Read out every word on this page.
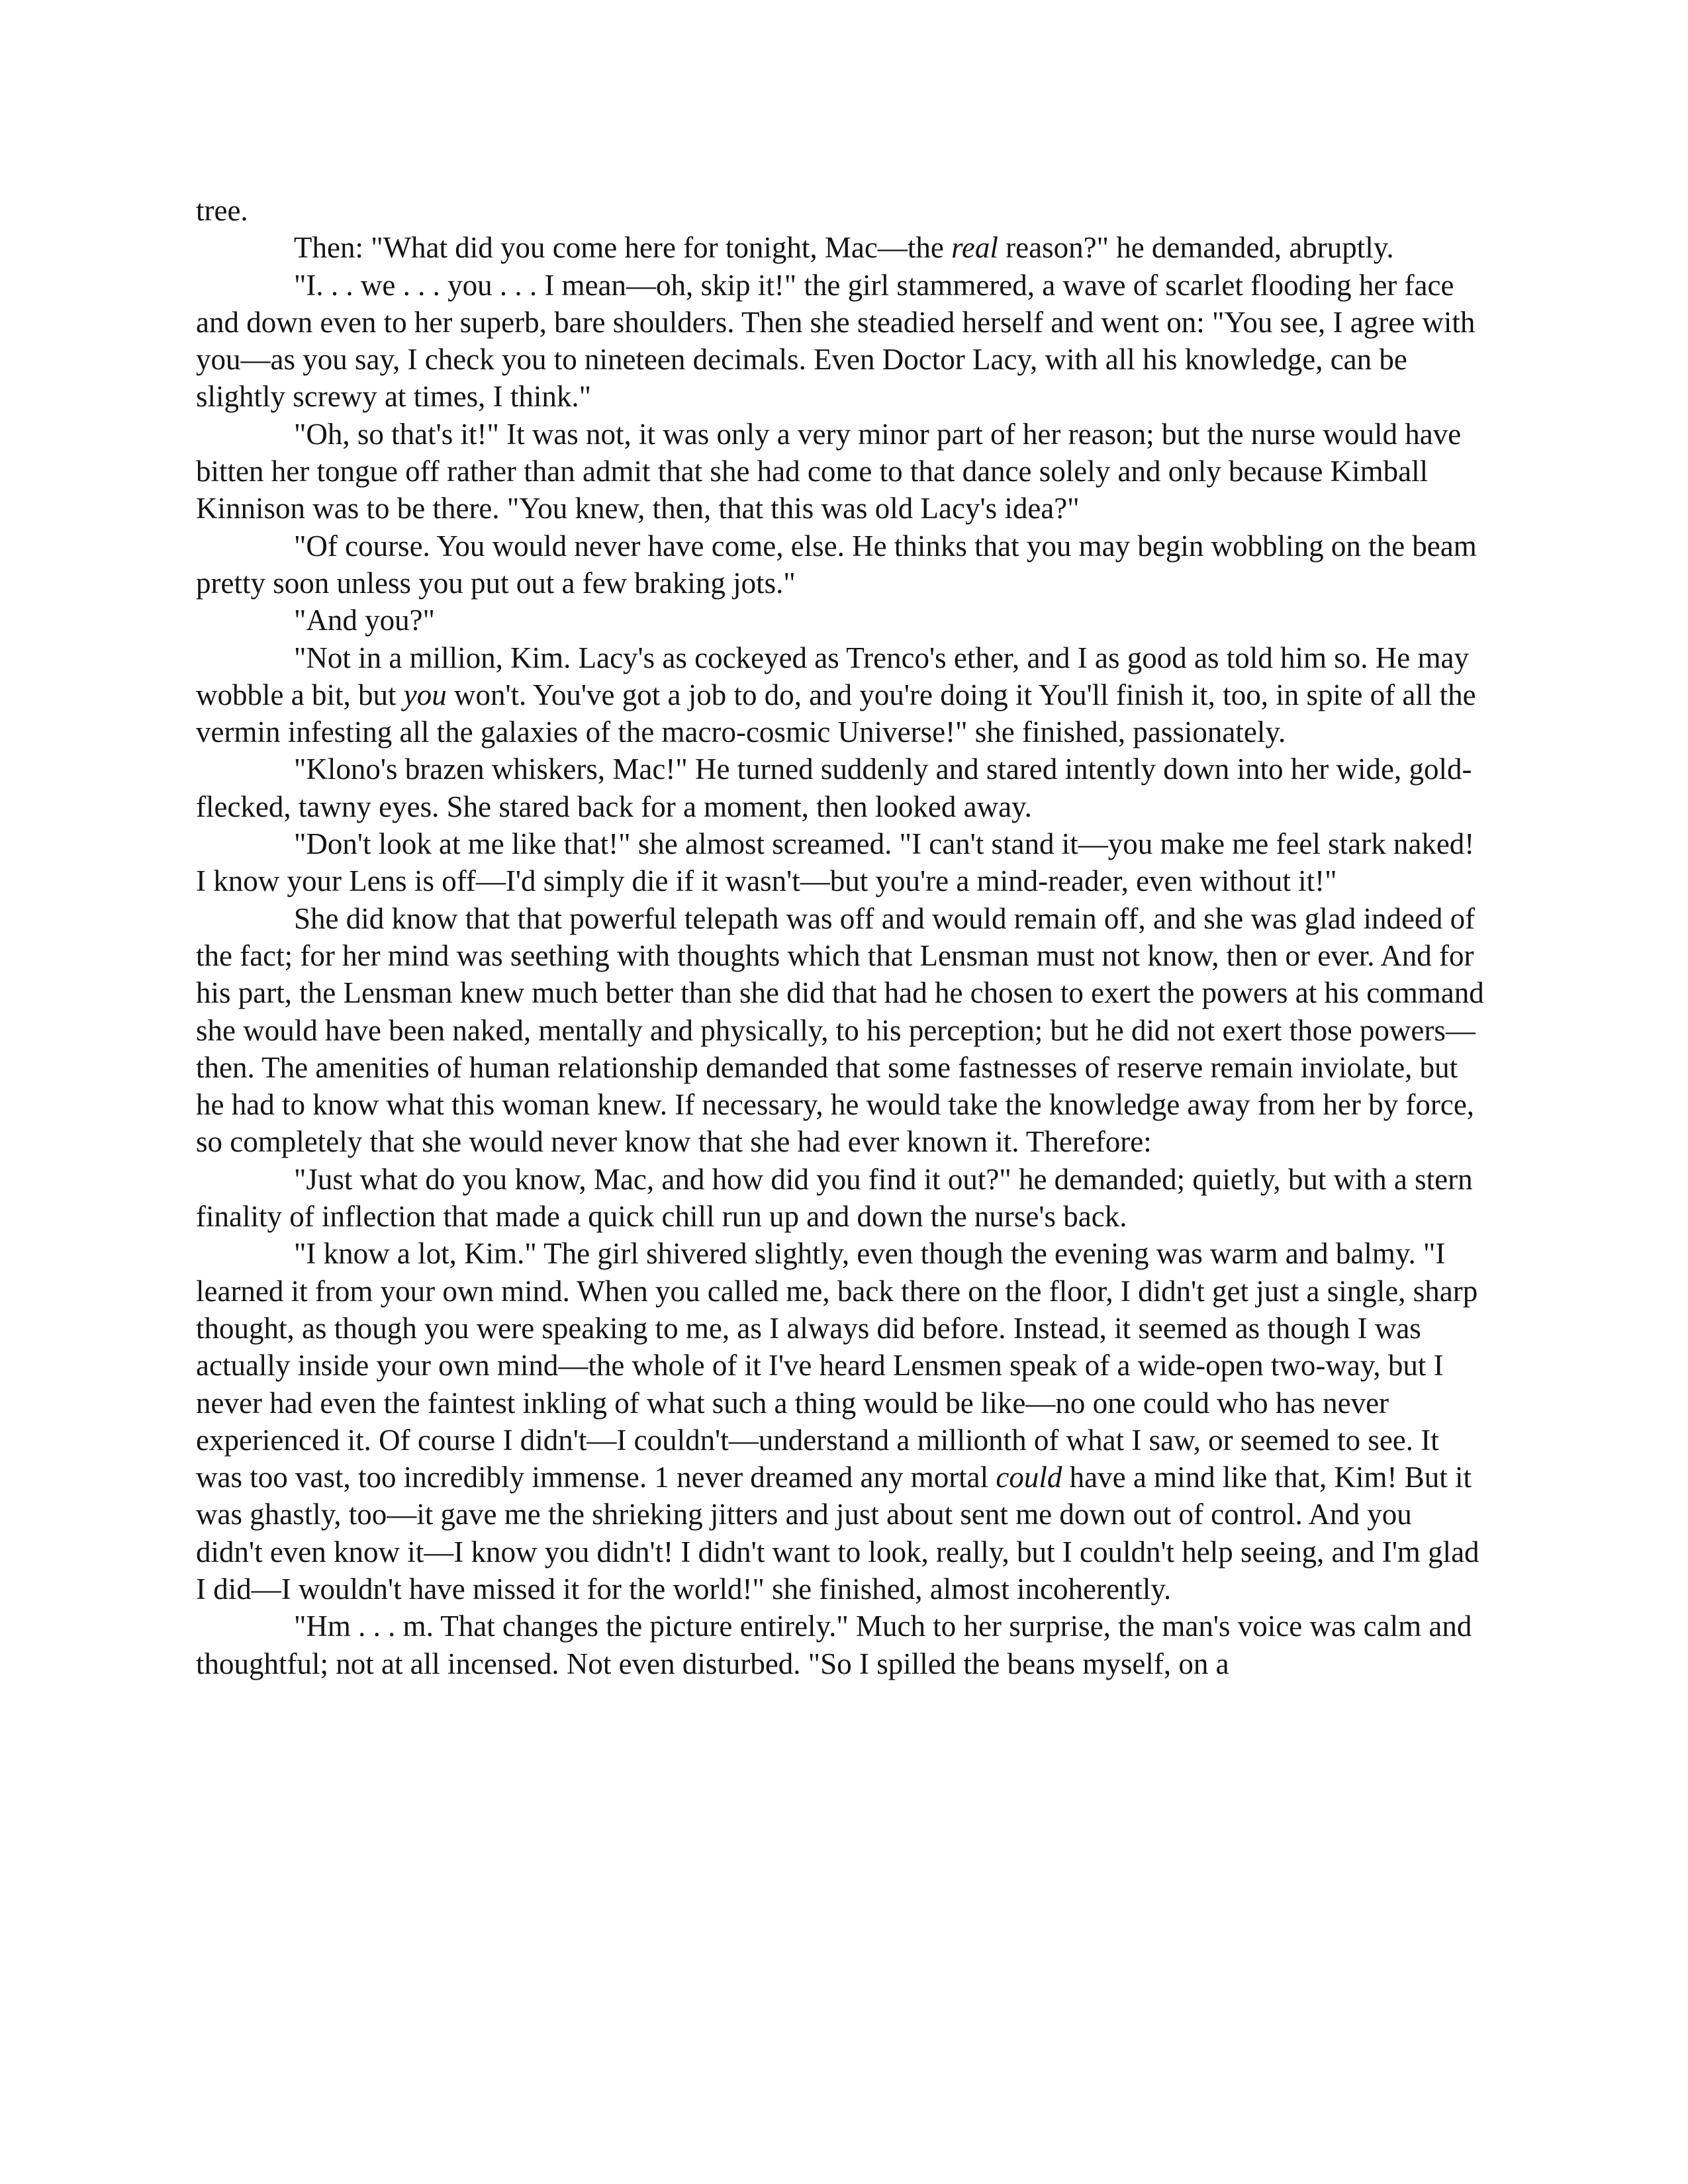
tree.

Then: "What did you come here for tonight, Mac—the real reason?" he demanded, abruptly.

"I. . . we . . . you . . . I mean—oh, skip it!" the girl stammered, a wave of scarlet flooding her face and down even to her superb, bare shoulders. Then she steadied herself and went on: "You see, I agree with you—as you say, I check you to nineteen decimals. Even Doctor Lacy, with all his knowledge, can be slightly screwy at times, I think."

"Oh, so that's it!" It was not, it was only a very minor part of her reason; but the nurse would have bitten her tongue off rather than admit that she had come to that dance solely and only because Kimball Kinnison was to be there. "You knew, then, that this was old Lacy's idea?"

"Of course. You would never have come, else. He thinks that you may begin wobbling on the beam pretty soon unless you put out a few braking jots."

"And you?"

"Not in a million, Kim. Lacy's as cockeyed as Trenco's ether, and I as good as told him so. He may wobble a bit, but you won't. You've got a job to do, and you're doing it You'll finish it, too, in spite of all the vermin infesting all the galaxies of the macro-cosmic Universe!" she finished, passionately.

"Klono's brazen whiskers, Mac!" He turned suddenly and stared intently down into her wide, gold-flecked, tawny eyes. She stared back for a moment, then looked away.

"Don't look at me like that!" she almost screamed. "I can't stand it—you make me feel stark naked! I know your Lens is off—I'd simply die if it wasn't—but you're a mind-reader, even without it!"

She did know that that powerful telepath was off and would remain off, and she was glad indeed of the fact; for her mind was seething with thoughts which that Lensman must not know, then or ever. And for his part, the Lensman knew much better than she did that had he chosen to exert the powers at his command she would have been naked, mentally and physically, to his perception; but he did not exert those powers—then. The amenities of human relationship demanded that some fastnesses of reserve remain inviolate, but he had to know what this woman knew. If necessary, he would take the knowledge away from her by force, so completely that she would never know that she had ever known it. Therefore:

"Just what do you know, Mac, and how did you find it out?" he demanded; quietly, but with a stern finality of inflection that made a quick chill run up and down the nurse's back.

"I know a lot, Kim." The girl shivered slightly, even though the evening was warm and balmy. "I learned it from your own mind. When you called me, back there on the floor, I didn't get just a single, sharp thought, as though you were speaking to me, as I always did before. Instead, it seemed as though I was actually inside your own mind—the whole of it I've heard Lensmen speak of a wide-open two-way, but I never had even the faintest inkling of what such a thing would be like—no one could who has never experienced it. Of course I didn't—I couldn't—understand a millionth of what I saw, or seemed to see. It was too vast, too incredibly immense. 1 never dreamed any mortal could have a mind like that, Kim! But it was ghastly, too—it gave me the shrieking jitters and just about sent me down out of control. And you didn't even know it—I know you didn't! I didn't want to look, really, but I couldn't help seeing, and I'm glad I did—I wouldn't have missed it for the world!" she finished, almost incoherently.

"Hm . . . m. That changes the picture entirely." Much to her surprise, the man's voice was calm and thoughtful; not at all incensed. Not even disturbed. "So I spilled the beans myself, on a
